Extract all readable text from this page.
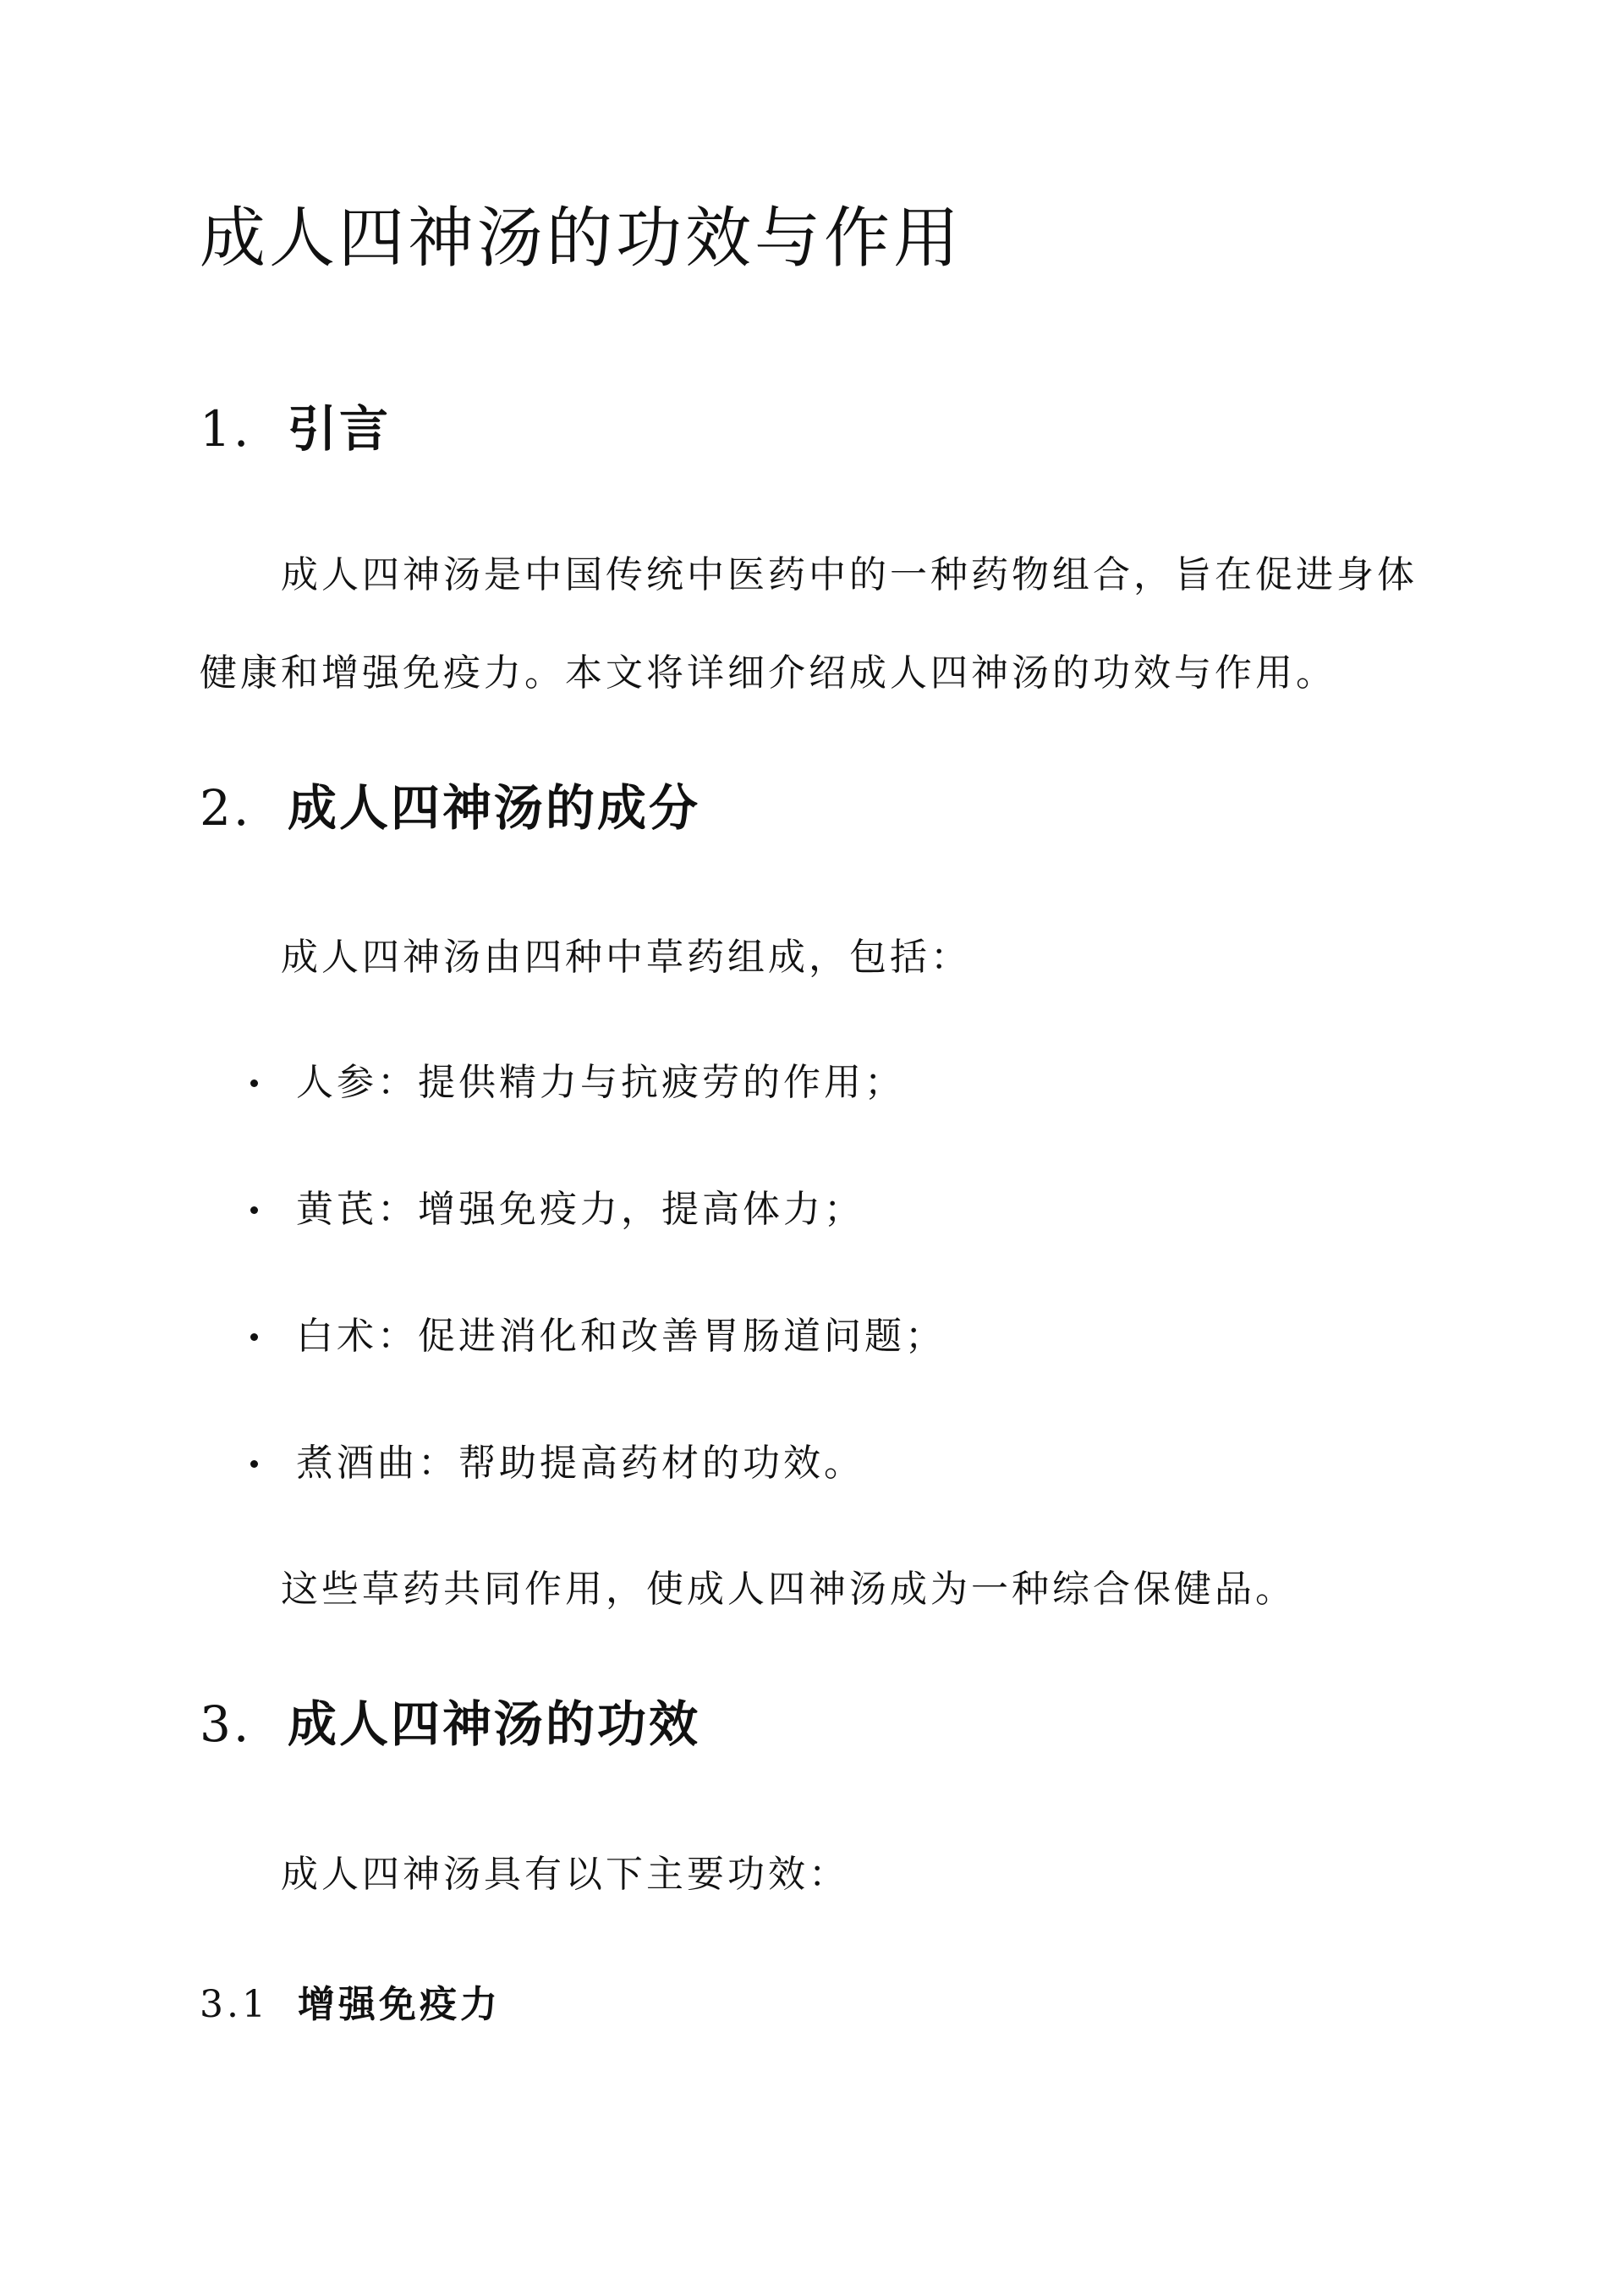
成人四神汤的功效与作用
1. 引言

成人四神汤是中国传统中医药中的一种药物组合，旨在促进身体健康和增强免疫力。本文将详细介绍成人四神汤的功效与作用。

2. 成人四神汤的成分

成人四神汤由四种中草药组成，包括：

人参：提供精力与抗疲劳的作用；
黄芪：增强免疫力，提高体力；
白术：促进消化和改善胃肠道问题；
煮酒曲：帮助提高药材的功效。

这些草药共同作用，使成人四神汤成为一种综合保健品。

3. 成人四神汤的功效

成人四神汤具有以下主要功效：

3.1 增强免疫力
